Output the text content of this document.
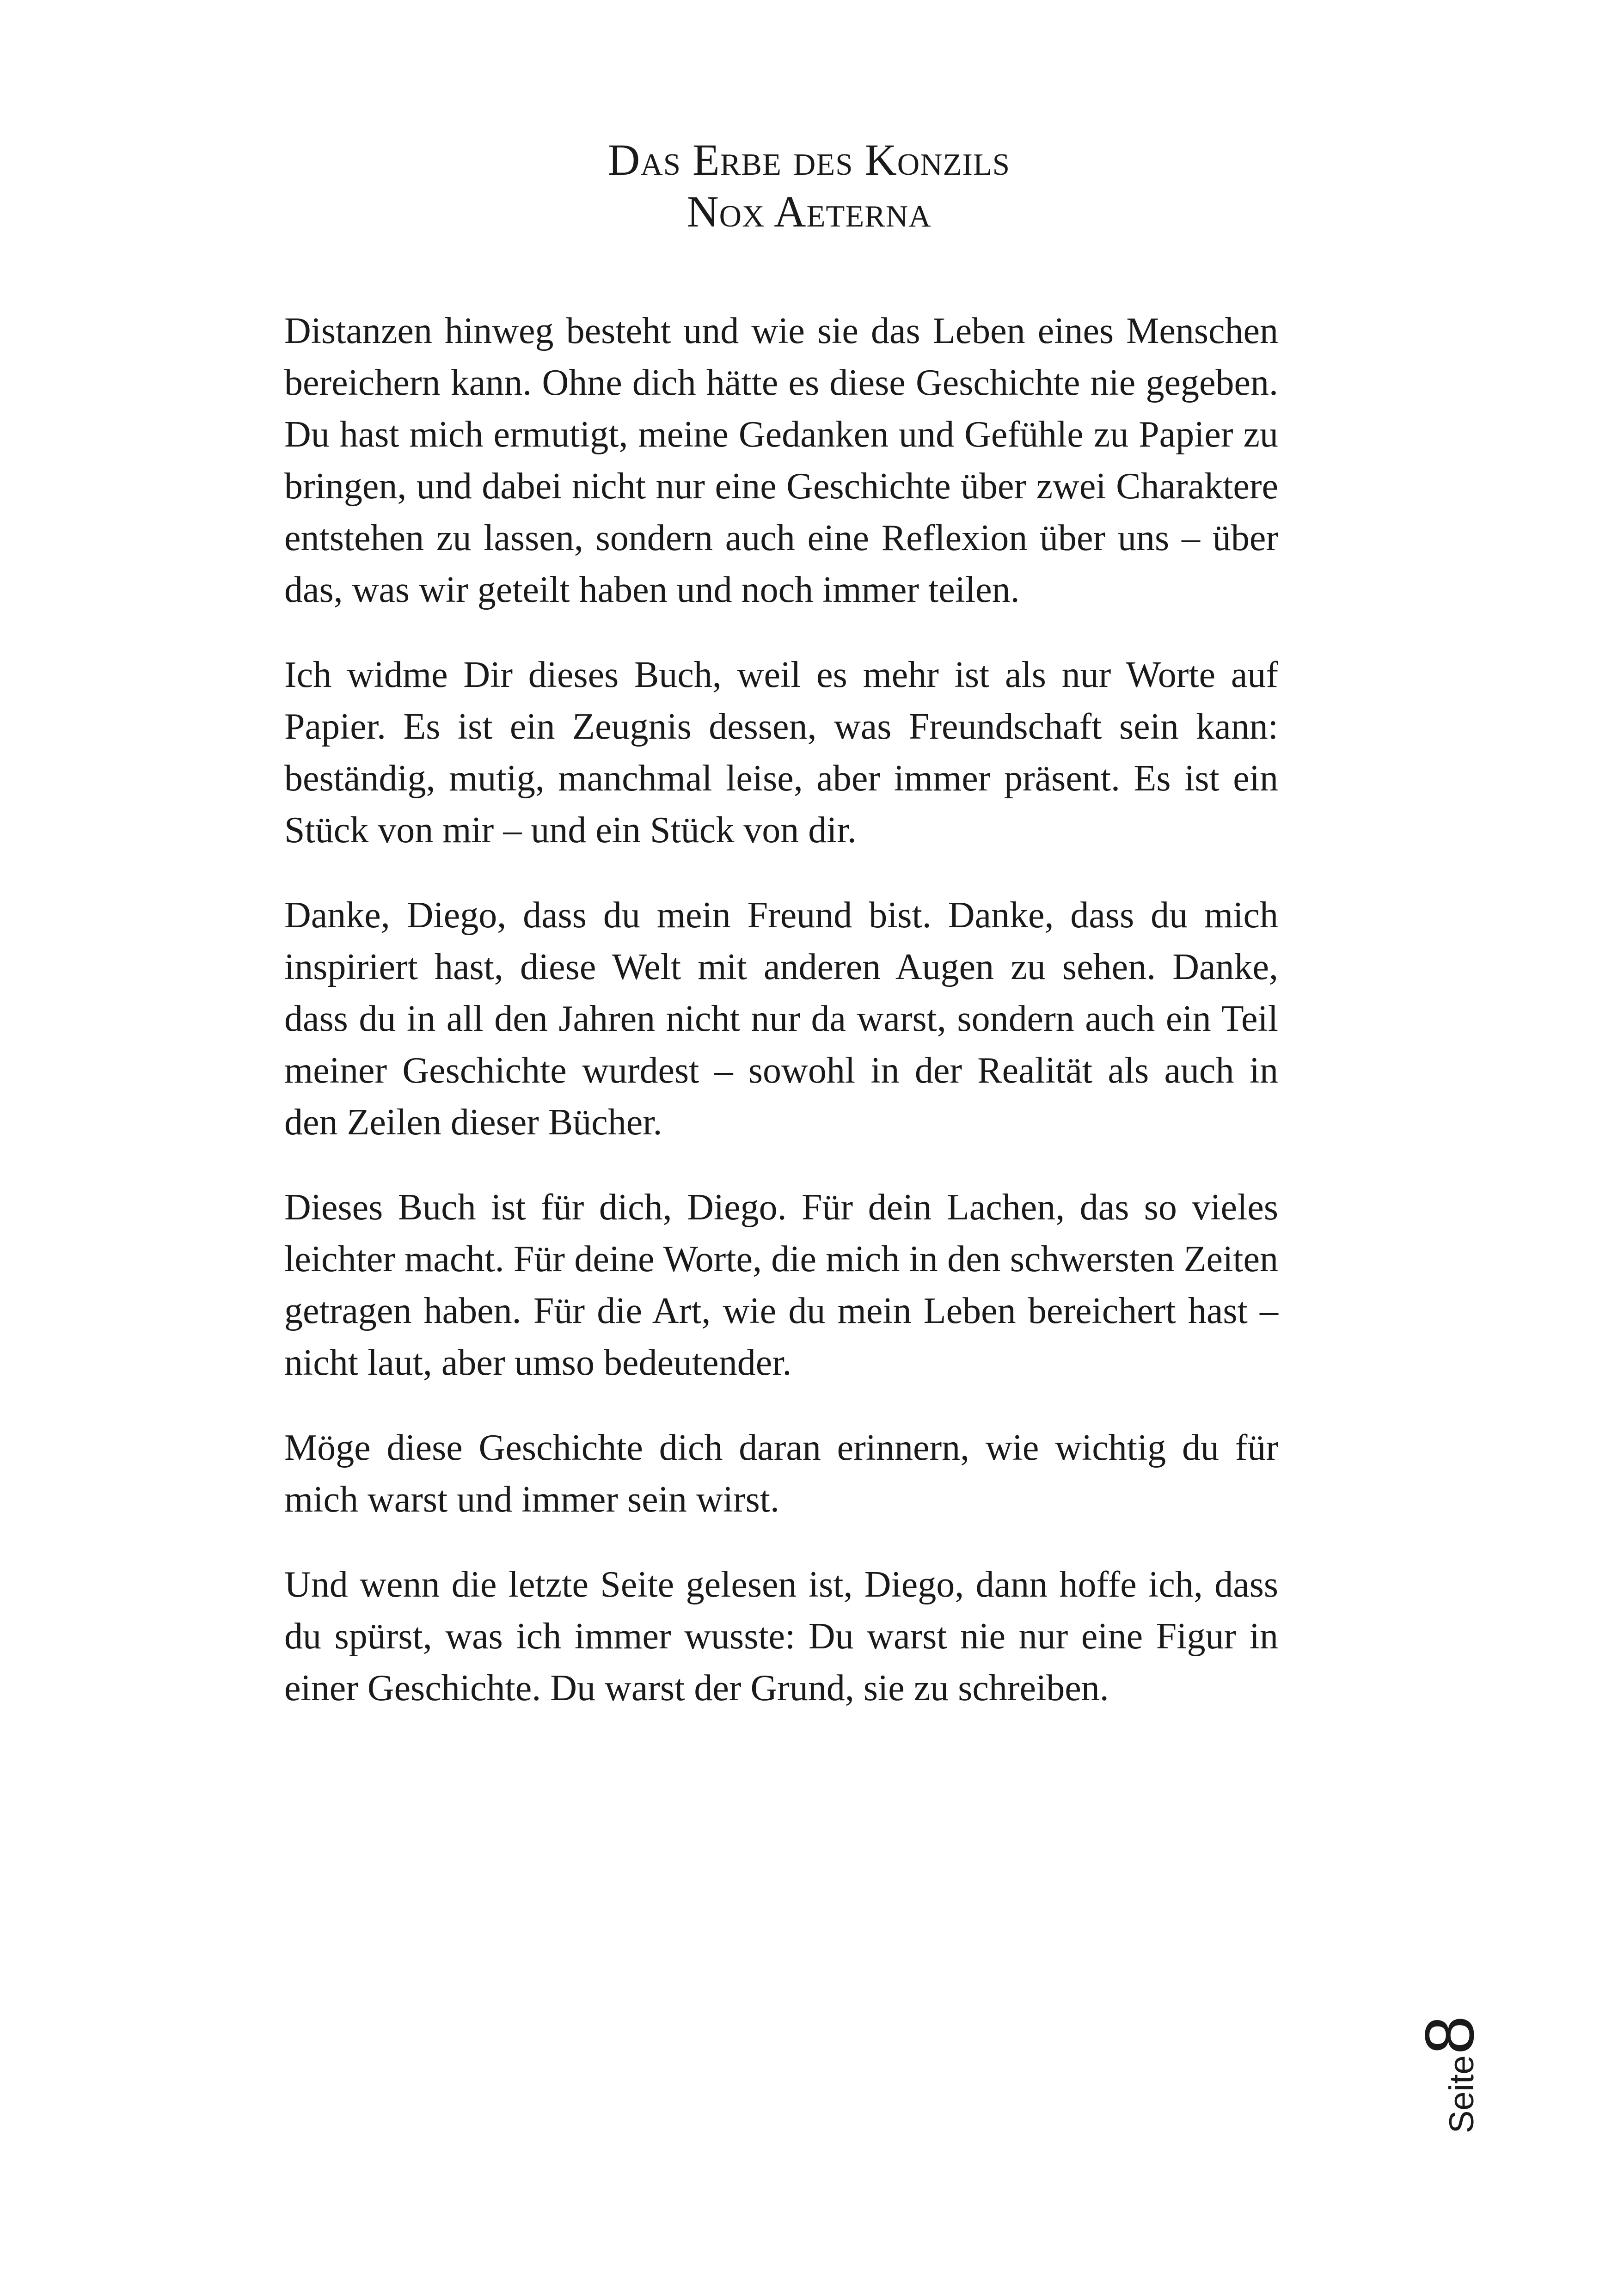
Das Erbe des Konzils
Nox Aeterna

Distanzen hinweg besteht und wie sie das Leben eines Menschen bereichern kann. Ohne dich hätte es diese Geschichte nie gegeben. Du hast mich ermutigt, meine Gedanken und Gefühle zu Papier zu bringen, und dabei nicht nur eine Geschichte über zwei Charaktere entstehen zu lassen, sondern auch eine Reflexion über uns – über das, was wir geteilt haben und noch immer teilen.

Ich widme Dir dieses Buch, weil es mehr ist als nur Worte auf Papier. Es ist ein Zeugnis dessen, was Freundschaft sein kann: beständig, mutig, manchmal leise, aber immer präsent. Es ist ein Stück von mir – und ein Stück von dir.

Danke, Diego, dass du mein Freund bist. Danke, dass du mich inspiriert hast, diese Welt mit anderen Augen zu sehen. Danke, dass du in all den Jahren nicht nur da warst, sondern auch ein Teil meiner Geschichte wurdest – sowohl in der Realität als auch in den Zeilen dieser Bücher.

Dieses Buch ist für dich, Diego. Für dein Lachen, das so vieles leichter macht. Für deine Worte, die mich in den schwersten Zeiten getragen haben. Für die Art, wie du mein Leben bereichert hast – nicht laut, aber umso bedeutender.

Möge diese Geschichte dich daran erinnern, wie wichtig du für mich warst und immer sein wirst.

Und wenn die letzte Seite gelesen ist, Diego, dann hoffe ich, dass du spürst, was ich immer wusste: Du warst nie nur eine Figur in einer Geschichte. Du warst der Grund, sie zu schreiben.

Seite
8
